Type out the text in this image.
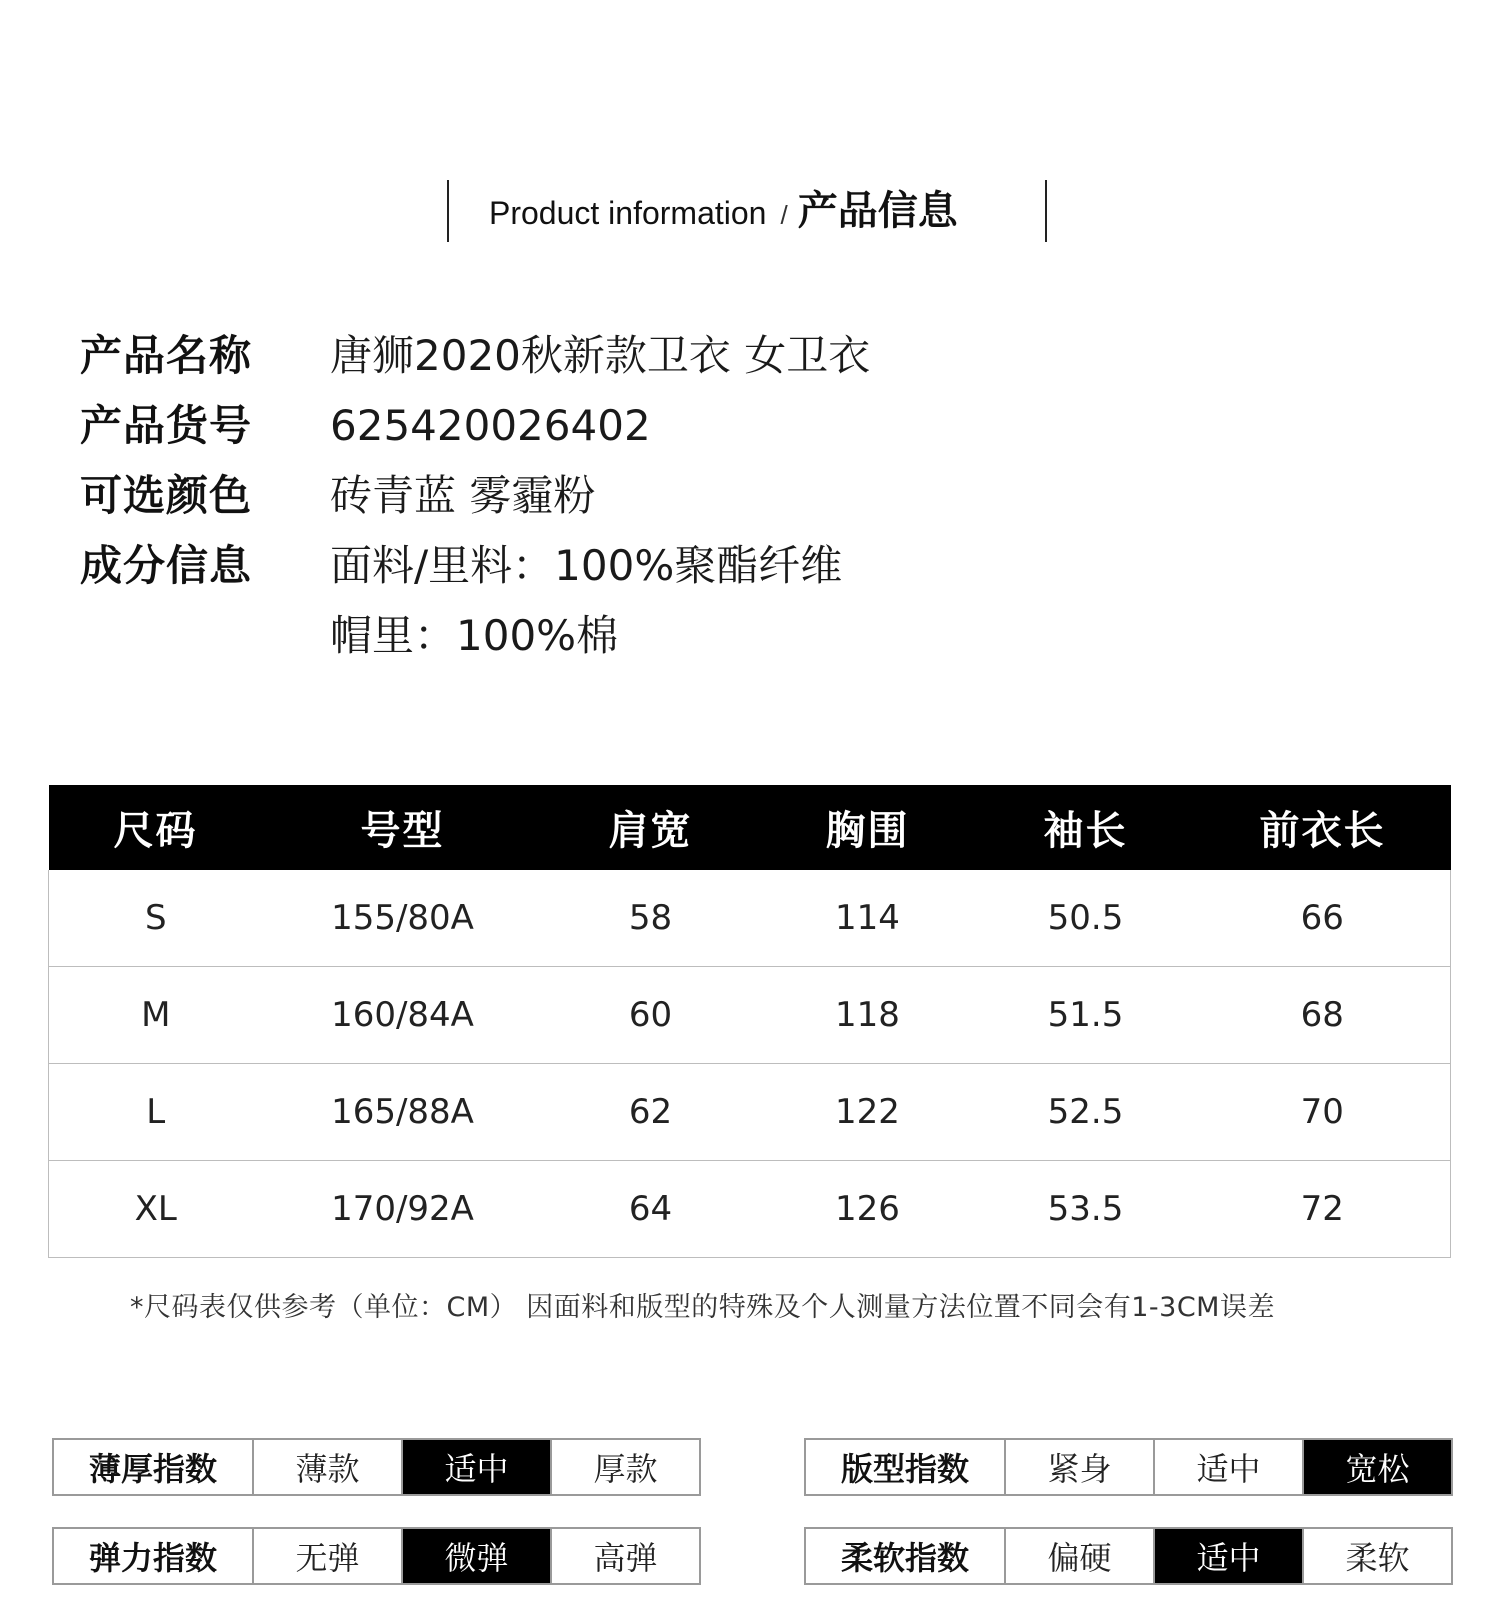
Product information / 产品信息
产品名称	唐狮2020秋新款卫衣 女卫衣
产品货号	625420026402
可选颜色	砖青蓝 雾霾粉
成分信息	面料/里料：100%聚酯纤维
帽里：100%棉
尺码	号型	肩宽	胸围	袖长	前衣长
S	155/80A	58	114	50.5	66
M	160/84A	60	118	51.5	68
L	165/88A	62	122	52.5	70
XL	170/92A	64	126	53.5	72
*尺码表仅供参考（单位：CM） 因面料和版型的特殊及个人测量方法位置不同会有1-3CM误差
薄厚指数	薄款	适中	厚款	版型指数	紧身	适中	宽松
弹力指数	无弹	微弹	高弹	柔软指数	偏硬	适中	柔软
